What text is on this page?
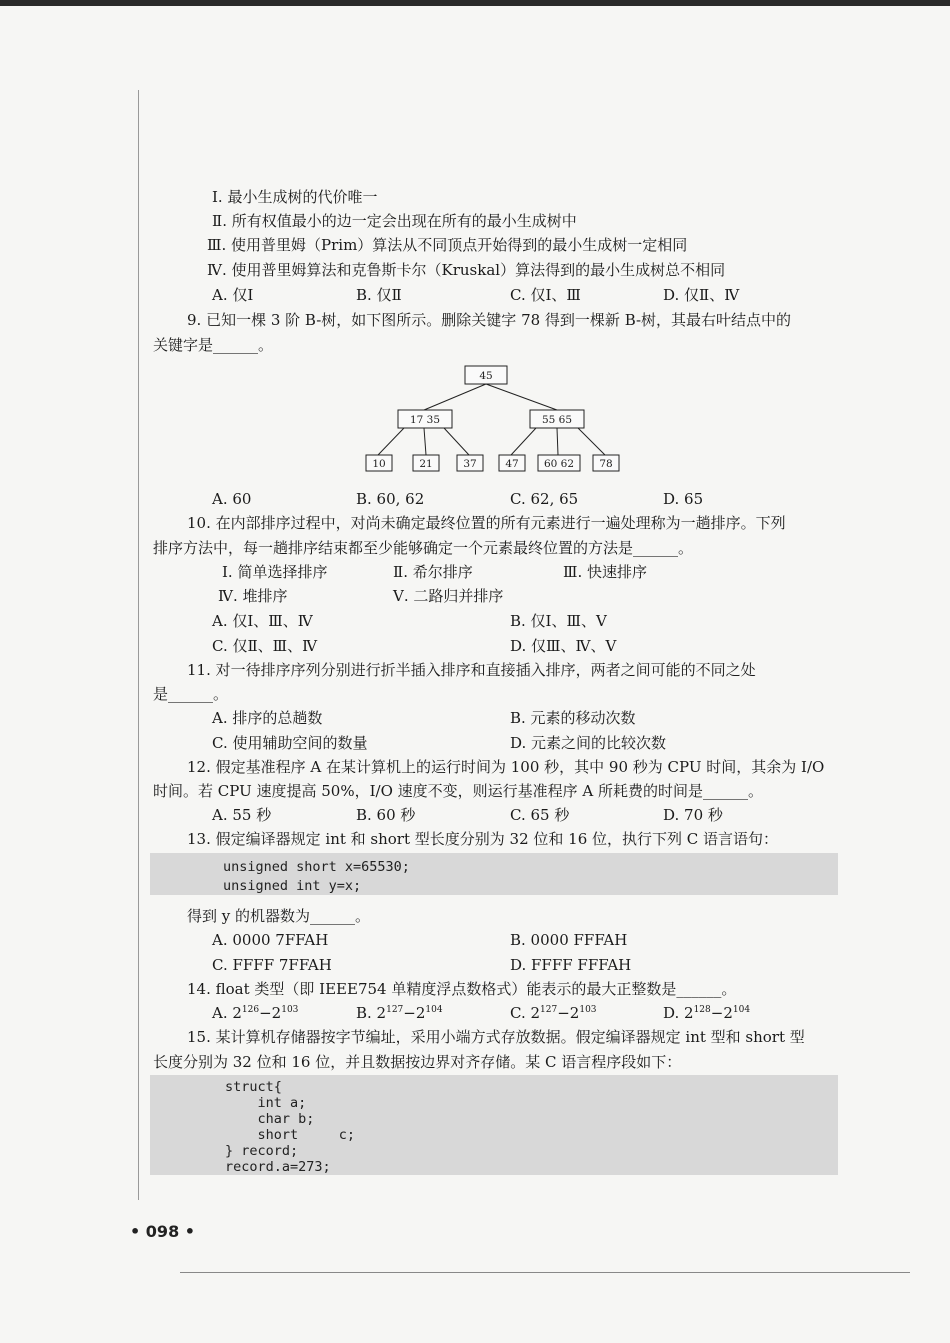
Ⅰ. 最小生成树的代价唯一
Ⅱ. 所有权值最小的边一定会出现在所有的最小生成树中
Ⅲ. 使用普里姆（Prim）算法从不同顶点开始得到的最小生成树一定相同
Ⅳ. 使用普里姆算法和克鲁斯卡尔（Kruskal）算法得到的最小生成树总不相同
A. 仅Ⅰ	B. 仅Ⅱ	C. 仅Ⅰ、Ⅲ	D. 仅Ⅱ、Ⅳ
9. 已知一棵 3 阶 B-树，如下图所示。删除关键字 78 得到一棵新 B-树，其最右叶结点中的
关键字是______。
45
17 35	55 65
10	21	37	47 60 62 78
A. 60	B. 60, 62	C. 62, 65	D. 65
10. 在内部排序过程中，对尚未确定最终位置的所有元素进行一遍处理称为一趟排序。下列
排序方法中，每一趟排序结束都至少能够确定一个元素最终位置的方法是______。
Ⅰ. 简单选择排序	Ⅱ. 希尔排序	Ⅲ. 快速排序
Ⅳ. 堆排序	Ⅴ. 二路归并排序
A. 仅Ⅰ、Ⅲ、Ⅳ	B. 仅Ⅰ、Ⅲ、Ⅴ
C. 仅Ⅱ、Ⅲ、Ⅳ	D. 仅Ⅲ、Ⅳ、Ⅴ
11. 对一待排序序列分别进行折半插入排序和直接插入排序，两者之间可能的不同之处
是______。
A. 排序的总趟数	B. 元素的移动次数
C. 使用辅助空间的数量	D. 元素之间的比较次数
12. 假定基准程序 A 在某计算机上的运行时间为 100 秒，其中 90 秒为 CPU 时间，其余为 I/O
时间。若 CPU 速度提高 50%，I/O 速度不变，则运行基准程序 A 所耗费的时间是______。
A. 55 秒	B. 60 秒	C. 65 秒	D. 70 秒
13. 假定编译器规定 int 和 short 型长度分别为 32 位和 16 位，执行下列 C 语言语句：
unsigned short x=65530;
unsigned int y=x;
得到 y 的机器数为______。
A. 0000 7FFAH	B. 0000 FFFAH
C. FFFF 7FFAH	D. FFFF FFFAH
14. float 类型（即 IEEE754 单精度浮点数格式）能表示的最大正整数是______。
A. $2^{126}-2^{103}$	B. $2^{127}-2^{104}$	C. $2^{127}-2^{103}$	D. $2^{128}-2^{104}$
15. 某计算机存储器按字节编址，采用小端方式存放数据。假定编译器规定 int 型和 short 型
长度分别为 32 位和 16 位，并且数据按边界对齐存储。某 C 语言程序段如下：
struct{
int a;
char b;
short     c;
} record;
record.a=273;
• 098 •
